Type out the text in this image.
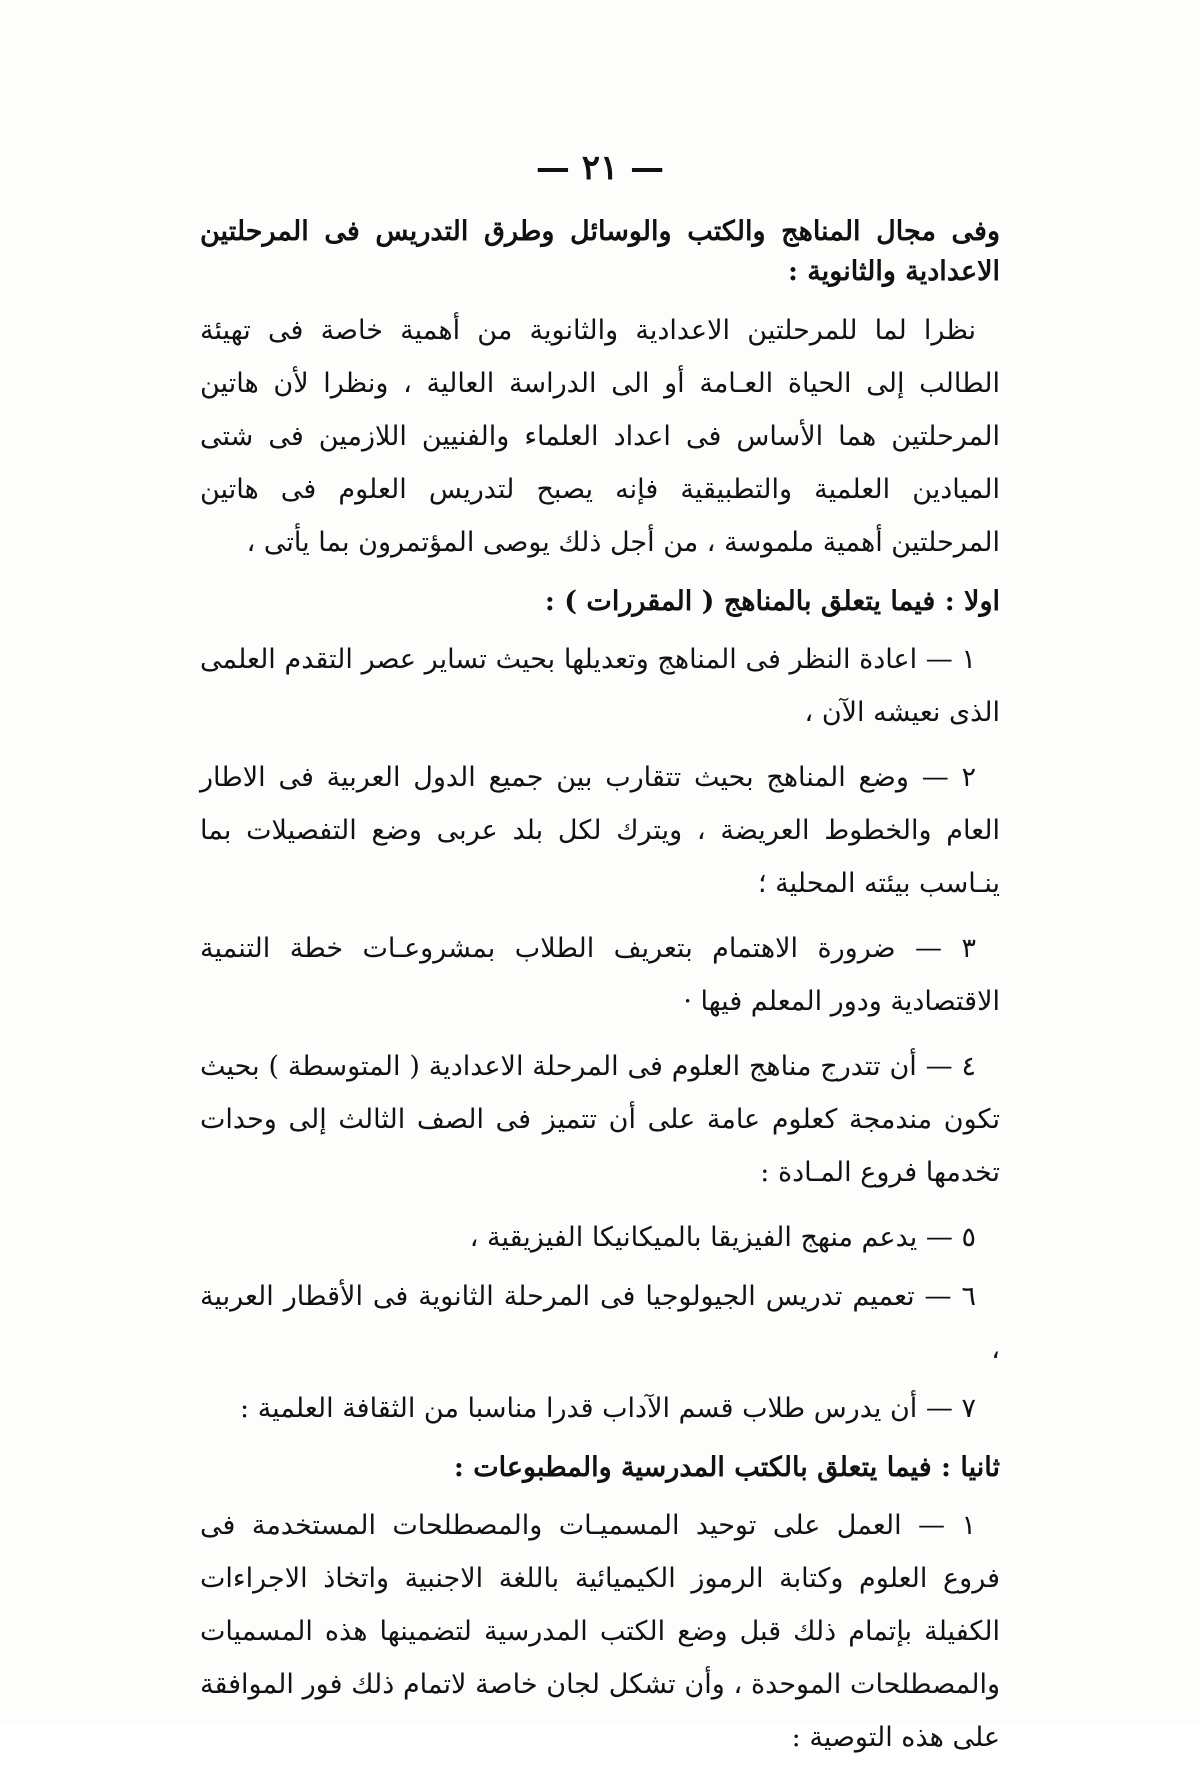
— ٢١ —

وفى مجال المناهج والكتب والوسائل وطرق التدريس فى المرحلتين الاعدادية والثانوية :

نظرا لما للمرحلتين الاعدادية والثانوية من أهمية خاصة فى تهيئة الطالب إلى الحياة العـامة أو الى الدراسة العالية ، ونظرا لأن هاتين المرحلتين هما الأساس فى اعداد العلماء والفنيين اللازمين فى شتى الميادين العلمية والتطبيقية فإنه يصبح لتدريس العلوم فى هاتين المرحلتين أهمية ملموسة ، من أجل ذلك يوصى المؤتمرون بما يأتى ،

اولا : فيما يتعلق بالمناهج ( المقررات ) :

١ — اعادة النظر فى المناهج وتعديلها بحيث تساير عصر التقدم العلمى الذى نعيشه الآن ،

٢ — وضع المناهج بحيث تتقارب بين جميع الدول العربية فى الاطار العام والخطوط العريضة ، ويترك لكل بلد عربى وضع التفصيلات بما ينـاسب بيئته المحلية ؛

٣ — ضرورة الاهتمام بتعريف الطلاب بمشروعـات خطة التنمية الاقتصادية ودور المعلم فيها ·

٤ — أن تتدرج مناهج العلوم فى المرحلة الاعدادية ( المتوسطة ) بحيث تكون مندمجة كعلوم عامة على أن تتميز فى الصف الثالث إلى وحدات تخدمها فروع المـادة :

٥ — يدعم منهج الفيزيقا بالميكانيكا الفيزيقية ،

٦ — تعميم تدريس الجيولوجيا فى المرحلة الثانوية فى الأقطار العربية ،

٧ — أن يدرس طلاب قسم الآداب قدرا مناسبا من الثقافة العلمية :

ثانيا : فيما يتعلق بالكتب المدرسية والمطبوعات :

١ — العمل على توحيد المسميـات والمصطلحات المستخدمة فى فروع العلوم وكتابة الرموز الكيميائية باللغة الاجنبية واتخاذ الاجراءات الكفيلة بإتمام ذلك قبل وضع الكتب المدرسية لتضمينها هذه المسميات والمصطلحات الموحدة ، وأن تشكل لجان خاصة لاتمام ذلك فور الموافقة على هذه التوصية :
